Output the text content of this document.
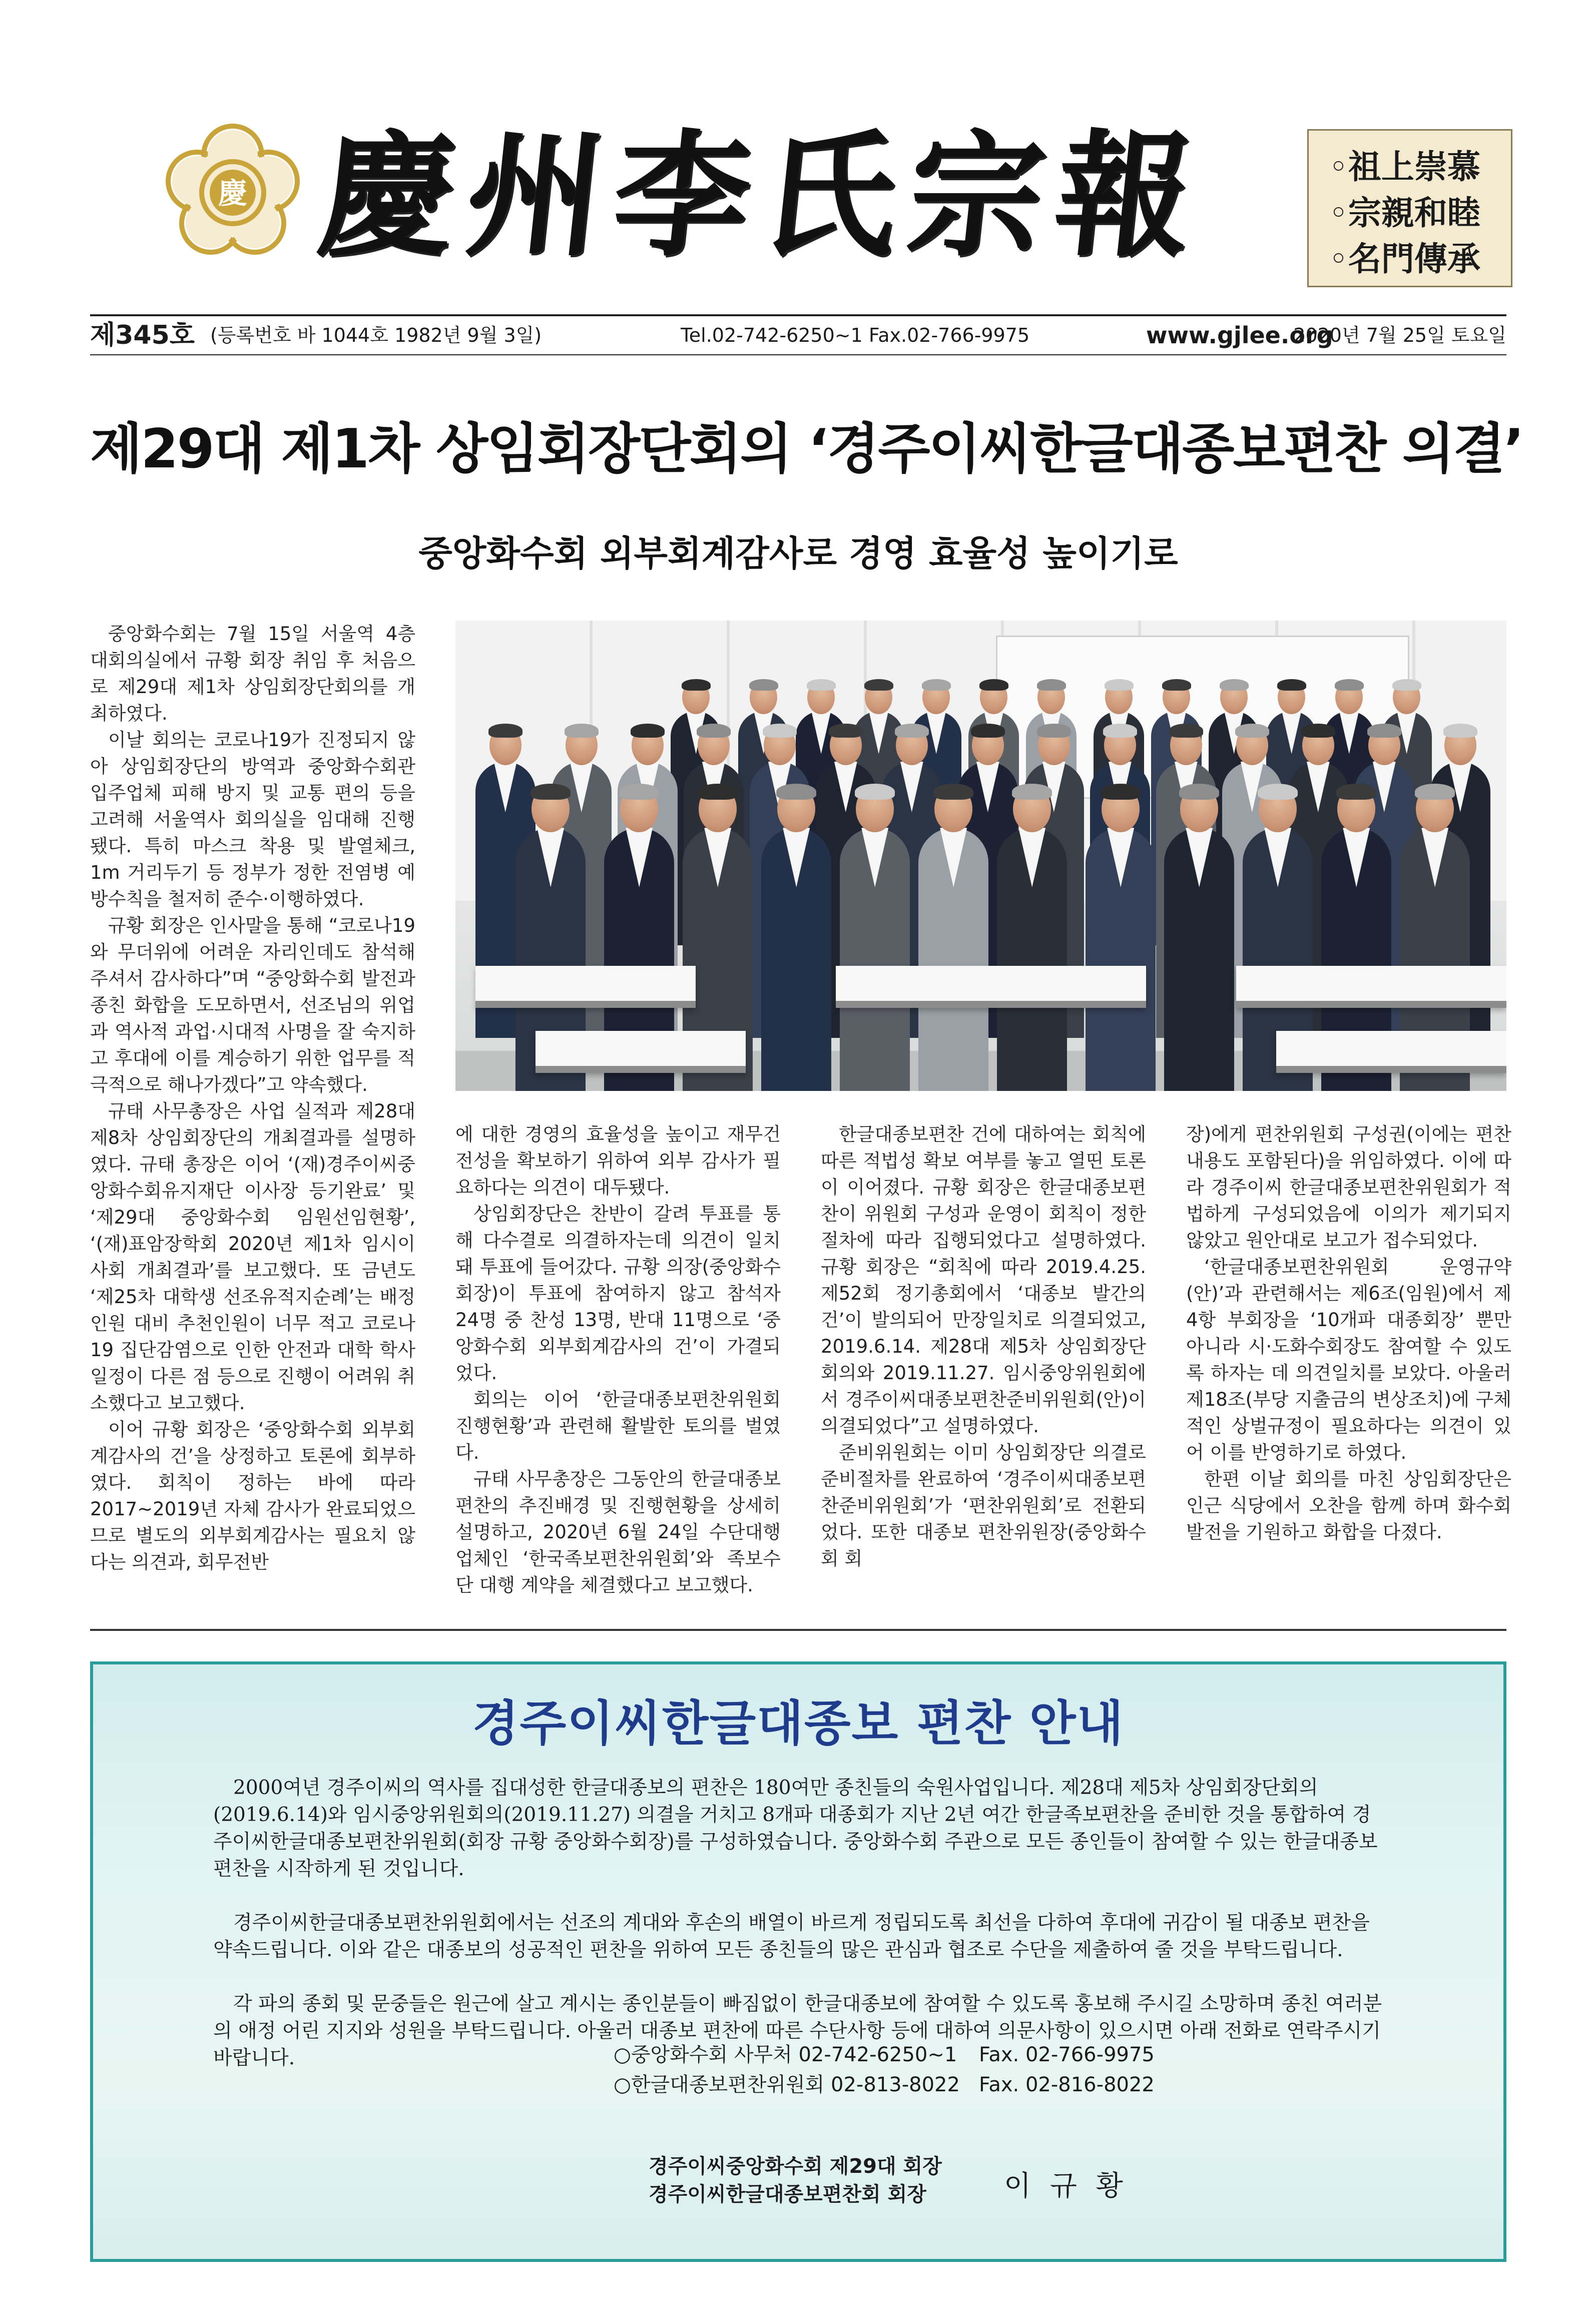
慶 慶州李氏宗報	◦祖上崇慕
◦宗親和睦
◦名門傳承
제345호 (등록번호 바 1044호 1982년 9월 3일)	Tel.02-742-6250~1 Fax.02-766-9975	www.gjlee.org
2020년 7월 25일 토요일
제29대 제1차 상임회장단회의 ‘경주이씨한글대종보편찬 의결’
중앙화수회 외부회계감사로 경영 효율성 높이기로

중앙화수회는 7월 15일 서울역 4층 대회의실에서 규황 회장 취임 후 처음으로 제29대 제1차 상임회장단회의를 개최하였다.

이날 회의는 코로나19가 진정되지 않아 상임회장단의 방역과 중앙화수회관 입주업체 피해 방지 및 교통 편의 등을 고려해 서울역사 회의실을 임대해 진행됐다. 특히 마스크 착용 및 발열체크, 1m 거리두기 등 정부가 정한 전염병 예방수칙을 철저히 준수·이행하였다.

규황 회장은 인사말을 통해 “코로나19와 무더위에 어려운 자리인데도 참석해 주셔서 감사하다”며 “중앙화수회 발전과 종친 화합을 도모하면서, 선조님의 위업과 역사적 과업·시대적 사명을 잘 숙지하고 후대에 이를 계승하기 위한 업무를 적극적으로 해나가겠다”고 약속했다.

규태 사무총장은 사업 실적과 제28대 제8차 상임회장단의 개최결과를 설명하였다. 규태 총장은 이어 ‘(재)경주이씨중앙화수회유지재단 이사장 등기완료’ 및 ‘제29대 중앙화수회 임원선임현황’, ‘(재)표암장학회 2020년 제1차 임시이사회 개최결과’를 보고했다. 또 금년도 ‘제25차 대학생 선조유적지순례’는 배정인원 대비 추천인원이 너무 적고 코로나19 집단감염으로 인한 안전과 대학 학사일정이 다른 점 등으로 진행이 어려워 취소했다고 보고했다.

이어 규황 회장은 ‘중앙화수회 외부회계감사의 건’을 상정하고 토론에 회부하였다. 회칙이 정하는 바에 따라 2017~2019년 자체 감사가 완료되었으므로 별도의 외부회계감사는 필요치 않다는 의견과, 회무전반

에 대한 경영의 효율성을 높이고 재무건전성을 확보하기 위하여 외부 감사가 필요하다는 의견이 대두됐다.

상임회장단은 찬반이 갈려 투표를 통해 다수결로 의결하자는데 의견이 일치돼 투표에 들어갔다. 규황 의장(중앙화수회장)이 투표에 참여하지 않고 참석자 24명 중 찬성 13명, 반대 11명으로 ‘중앙화수회 외부회계감사의 건’이 가결되었다.

회의는 이어 ‘한글대종보편찬위원회 진행현황’과 관련해 활발한 토의를 벌였다.

규태 사무총장은 그동안의 한글대종보편찬의 추진배경 및 진행현황을 상세히 설명하고, 2020년 6월 24일 수단대행업체인 ‘한국족보편찬위원회’와 족보수단 대행 계약을 체결했다고 보고했다.

한글대종보편찬 건에 대하여는 회칙에 따른 적법성 확보 여부를 놓고 열띤 토론이 이어졌다. 규황 회장은 한글대종보편찬이 위원회 구성과 운영이 회칙이 정한 절차에 따라 집행되었다고 설명하였다. 규황 회장은 “회칙에 따라 2019.4.25. 제52회 정기총회에서 ‘대종보 발간의 건’이 발의되어 만장일치로 의결되었고, 2019.6.14. 제28대 제5차 상임회장단회의와 2019.11.27. 임시중앙위원회에서 경주이씨대종보편찬준비위원회(안)이 의결되었다”고 설명하였다.

준비위원회는 이미 상임회장단 의결로 준비절차를 완료하여 ‘경주이씨대종보편찬준비위원회’가 ‘편찬위원회’로 전환되었다. 또한 대종보 편찬위원장(중앙화수회 회

장)에게 편찬위원회 구성권(이에는 편찬내용도 포함된다)을 위임하였다. 이에 따라 경주이씨 한글대종보편찬위원회가 적법하게 구성되었음에 이의가 제기되지 않았고 원안대로 보고가 접수되었다.

‘한글대종보편찬위원회 운영규약(안)’과 관련해서는 제6조(임원)에서 제4항 부회장을 ‘10개파 대종회장’ 뿐만 아니라 시·도화수회장도 참여할 수 있도록 하자는 데 의견일치를 보았다. 아울러 제18조(부당 지출금의 변상조치)에 구체적인 상벌규정이 필요하다는 의견이 있어 이를 반영하기로 하였다.

한편 이날 회의를 마친 상임회장단은 인근 식당에서 오찬을 함께 하며 화수회 발전을 기원하고 화합을 다졌다.

경주이씨한글대종보 편찬 안내

2000여년 경주이씨의 역사를 집대성한 한글대종보의 편찬은 180여만 종친들의 숙원사업입니다. 제28대 제5차 상임회장단회의(2019.6.14)와 임시중앙위원회의(2019.11.27) 의결을 거치고 8개파 대종회가 지난 2년 여간 한글족보편찬을 준비한 것을 통합하여 경주이씨한글대종보편찬위원회(회장 규황 중앙화수회장)를 구성하였습니다. 중앙화수회 주관으로 모든 종인들이 참여할 수 있는 한글대종보편찬을 시작하게 된 것입니다.

경주이씨한글대종보편찬위원회에서는 선조의 계대와 후손의 배열이 바르게 정립되도록 최선을 다하여 후대에 귀감이 될 대종보 편찬을 약속드립니다. 이와 같은 대종보의 성공적인 편찬을 위하여 모든 종친들의 많은 관심과 협조로 수단을 제출하여 줄 것을 부탁드립니다.

각 파의 종회 및 문중들은 원근에 살고 계시는 종인분들이 빠짐없이 한글대종보에 참여할 수 있도록 홍보해 주시길 소망하며 종친 여러분의 애정 어린 지지와 성원을 부탁드립니다. 아울러 대종보 편찬에 따른 수단사항 등에 대하여 의문사항이 있으시면 아래 전화로 연락주시기 바랍니다.	○중앙화수회 사무처 02-742-6250~1 Fax. 02-766-9975
○한글대종보편찬위원회 02-813-8022 Fax. 02-816-8022
경주이씨중앙화수회 제29대 회장
경주이씨한글대종보편찬회 회장	이 규 황
